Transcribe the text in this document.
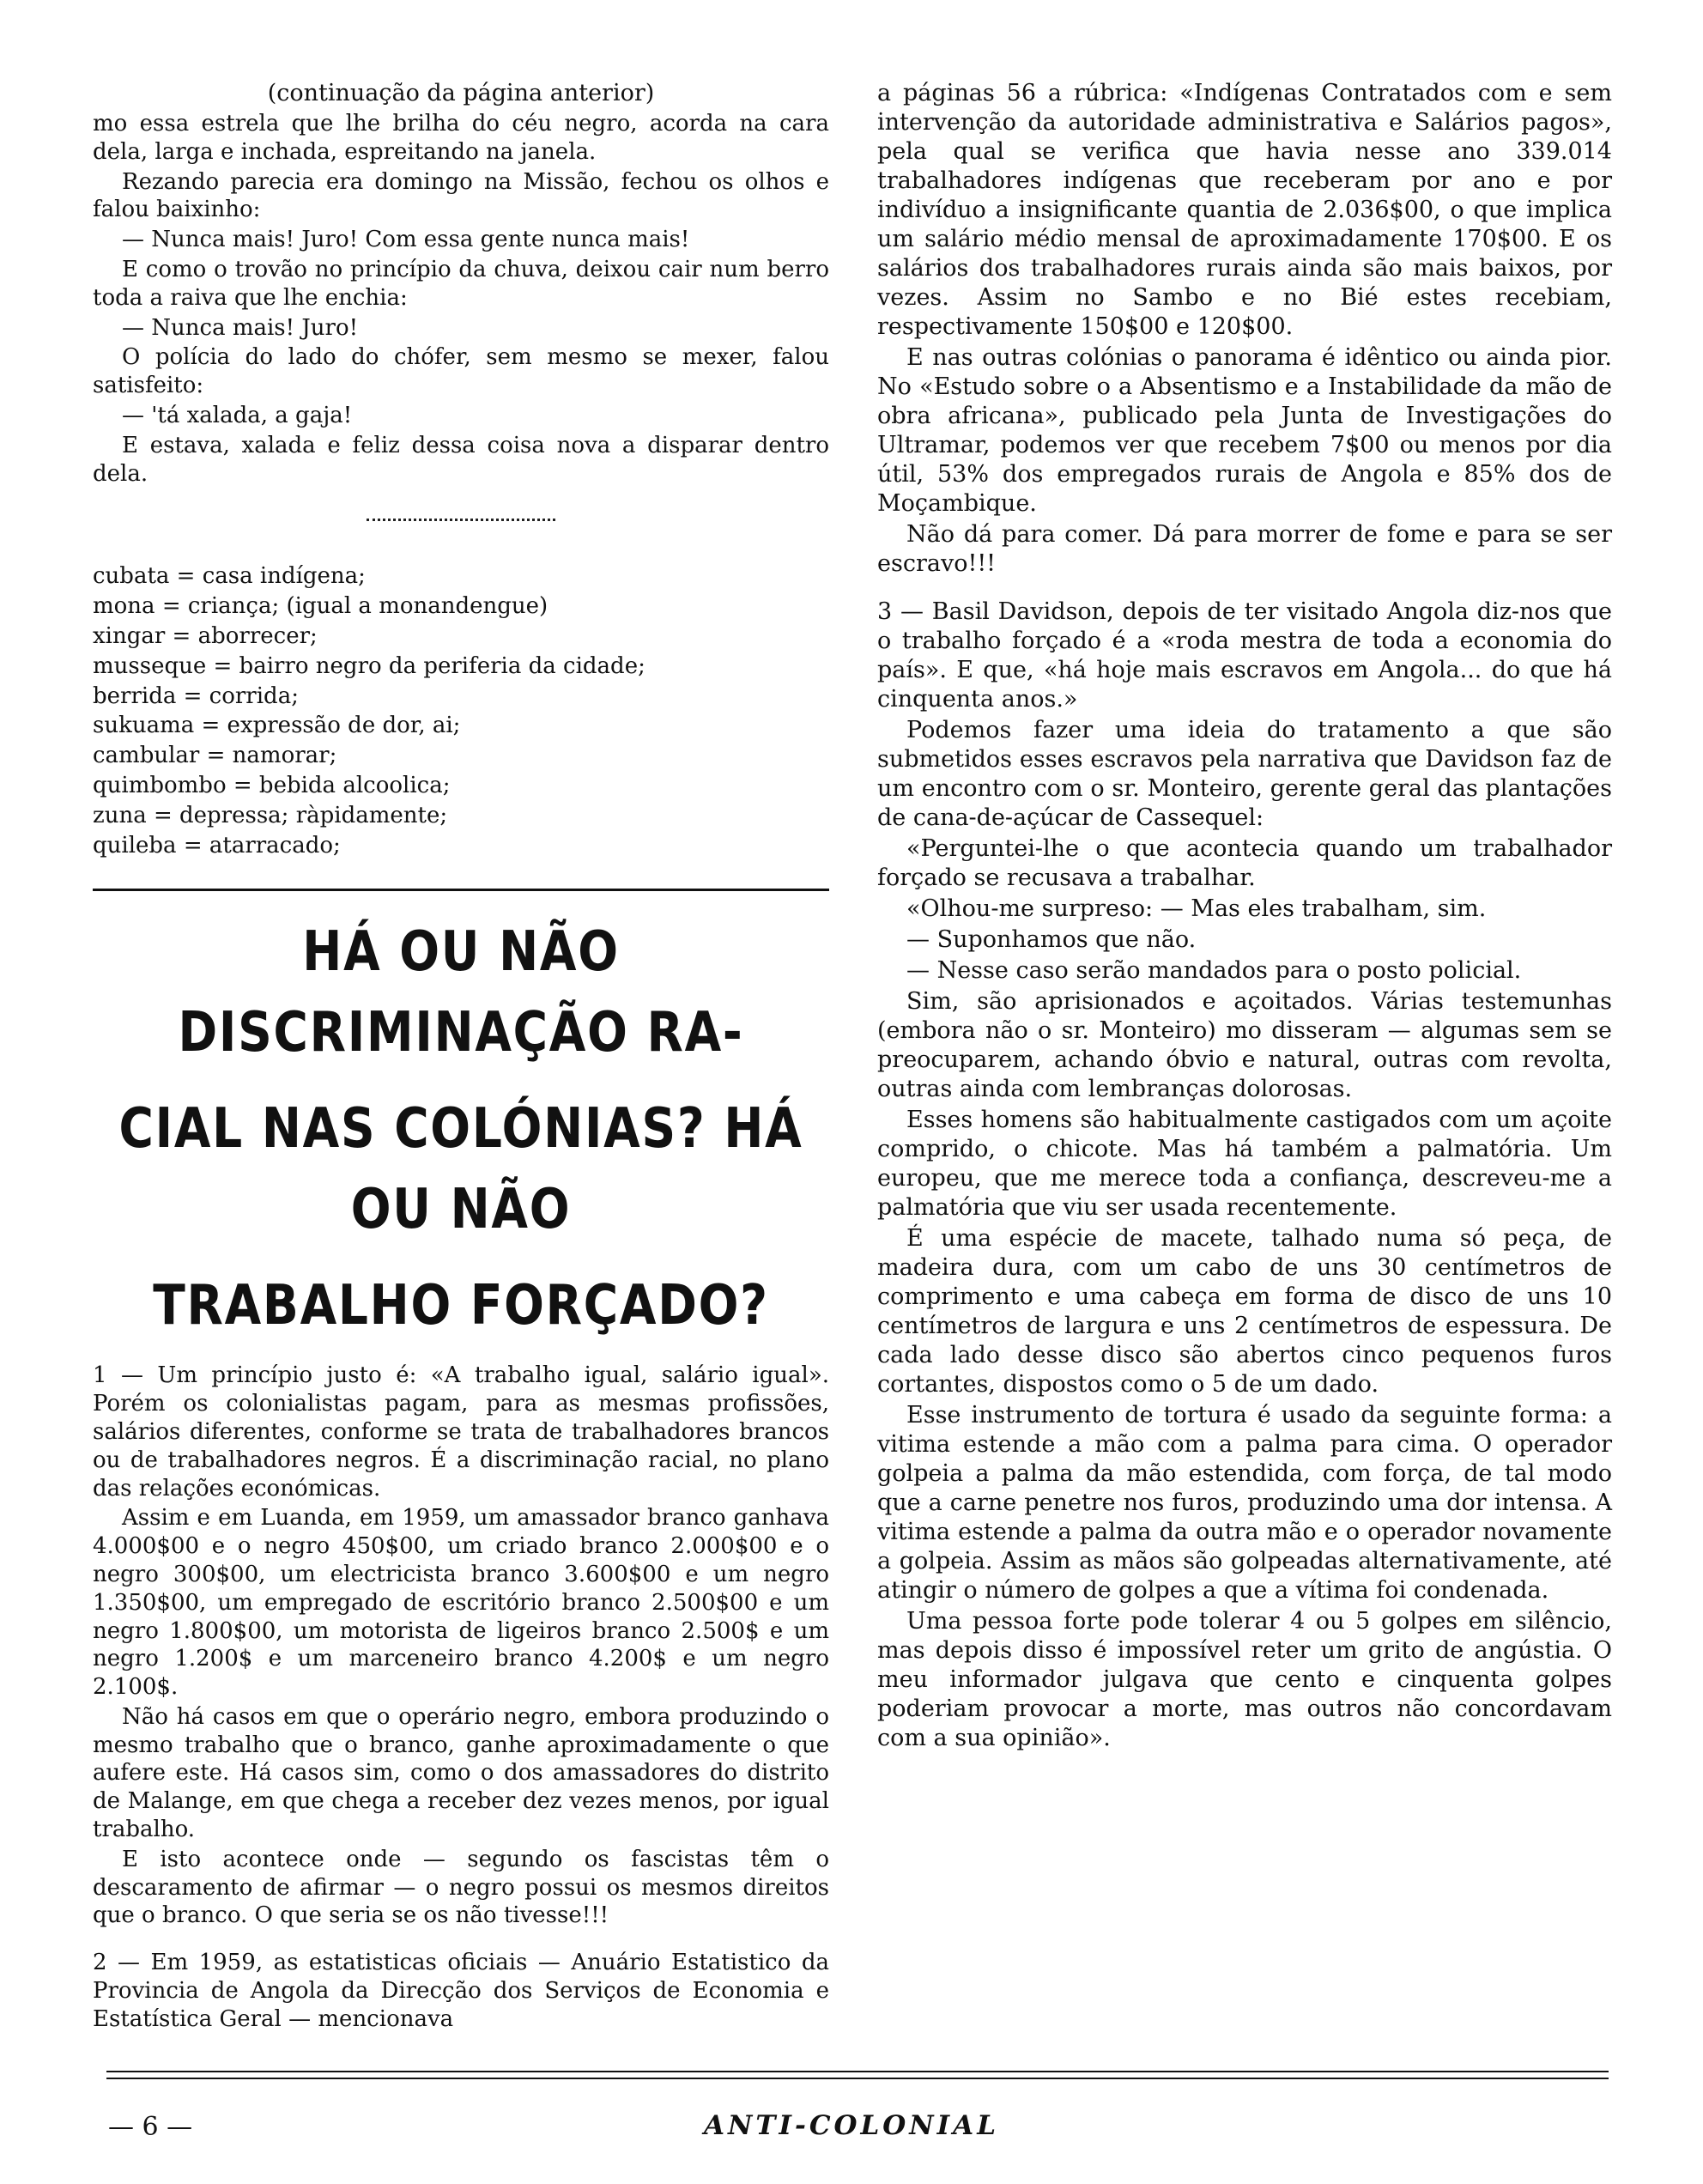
(continuação da página anterior)

mo essa estrela que lhe brilha do céu negro, acorda na cara dela, larga e inchada, espreitando na janela.

Rezando parecia era domingo na Missão, fechou os olhos e falou baixinho:

— Nunca mais! Juro! Com essa gente nunca mais!

E como o trovão no princípio da chuva, deixou cair num berro toda a raiva que lhe enchia:

— Nunca mais! Juro!

O polícia do lado do chófer, sem mesmo se mexer, falou satisfeito:

— 'tá xalada, a gaja!

E estava, xalada e feliz dessa coisa nova a disparar dentro dela.

cubata = casa indígena;

mona = criança; (igual a monandengue)

xingar = aborrecer;

musseque = bairro negro da periferia da cidade;

berrida = corrida;

sukuama = expressão de dor, ai;

cambular = namorar;

quimbombo = bebida alcoolica;

zuna = depressa; ràpidamente;

quileba = atarracado;

HÁ OU NÃO DISCRIMINAÇÃO RA-
CIAL NAS COLÓNIAS? HÁ OU NÃO
TRABALHO FORÇADO?

1 — Um princípio justo é: «A trabalho igual, salário igual». Porém os colonialistas pagam, para as mesmas profissões, salários diferentes, conforme se trata de trabalhadores brancos ou de trabalhadores negros. É a discriminação racial, no plano das relações económicas.

Assim e em Luanda, em 1959, um amassador branco ganhava 4.000$00 e o negro 450$00, um criado branco 2.000$00 e o negro 300$00, um electricista branco 3.600$00 e um negro 1.350$00, um empregado de escritório branco 2.500$00 e um negro 1.800$00, um motorista de ligeiros branco 2.500$ e um negro 1.200$ e um marceneiro branco 4.200$ e um negro 2.100$.

Não há casos em que o operário negro, embora produzindo o mesmo trabalho que o branco, ganhe aproximadamente o que aufere este. Há casos sim, como o dos amassadores do distrito de Malange, em que chega a receber dez vezes menos, por igual trabalho.

E isto acontece onde — segundo os fascistas têm o descaramento de afirmar — o negro possui os mesmos direitos que o branco. O que seria se os não tivesse!!!

2 — Em 1959, as estatisticas oficiais — Anuário Estatistico da Provincia de Angola da Direcção dos Serviços de Economia e Estatística Geral — mencionava

a páginas 56 a rúbrica: «Indígenas Contratados com e sem intervenção da autoridade administrativa e Salários pagos», pela qual se verifica que havia nesse ano 339.014 trabalhadores indígenas que receberam por ano e por indivíduo a insignificante quantia de 2.036$00, o que implica um salário médio mensal de aproximadamente 170$00. E os salários dos trabalhadores rurais ainda são mais baixos, por vezes. Assim no Sambo e no Bié estes recebiam, respectivamente 150$00 e 120$00.

E nas outras colónias o panorama é idêntico ou ainda pior. No «Estudo sobre o a Absentismo e a Instabilidade da mão de obra africana», publicado pela Junta de Investigações do Ultramar, podemos ver que recebem 7$00 ou menos por dia útil, 53% dos empregados rurais de Angola e 85% dos de Moçambique.

Não dá para comer. Dá para morrer de fome e para se ser escravo!!!

3 — Basil Davidson, depois de ter visitado Angola diz-nos que o trabalho forçado é a «roda mestra de toda a economia do país». E que, «há hoje mais escravos em Angola... do que há cinquenta anos.»

Podemos fazer uma ideia do tratamento a que são submetidos esses escravos pela narrativa que Davidson faz de um encontro com o sr. Monteiro, gerente geral das plantações de cana-de-açúcar de Cassequel:

«Perguntei-lhe o que acontecia quando um trabalhador forçado se recusava a trabalhar.

«Olhou-me surpreso: — Mas eles trabalham, sim.

— Suponhamos que não.

— Nesse caso serão mandados para o posto policial.

Sim, são aprisionados e açoitados. Várias testemunhas (embora não o sr. Monteiro) mo disseram — algumas sem se preocuparem, achando óbvio e natural, outras com revolta, outras ainda com lembranças dolorosas.

Esses homens são habitualmente castigados com um açoite comprido, o chicote. Mas há também a palmatória. Um europeu, que me merece toda a confiança, descreveu-me a palmatória que viu ser usada recentemente.

É uma espécie de macete, talhado numa só peça, de madeira dura, com um cabo de uns 30 centímetros de comprimento e uma cabeça em forma de disco de uns 10 centímetros de largura e uns 2 centímetros de espessura. De cada lado desse disco são abertos cinco pequenos furos cortantes, dispostos como o 5 de um dado.

Esse instrumento de tortura é usado da seguinte forma: a vitima estende a mão com a palma para cima. O operador golpeia a palma da mão estendida, com força, de tal modo que a carne penetre nos furos, produzindo uma dor intensa. A vitima estende a palma da outra mão e o operador novamente a golpeia. Assim as mãos são golpeadas alternativamente, até atingir o número de golpes a que a vítima foi condenada.

Uma pessoa forte pode tolerar 4 ou 5 golpes em silêncio, mas depois disso é impossível reter um grito de angústia. O meu informador julgava que cento e cinquenta golpes poderiam provocar a morte, mas outros não concordavam com a sua opinião».

— 6 —	ANTI-COLONIAL
